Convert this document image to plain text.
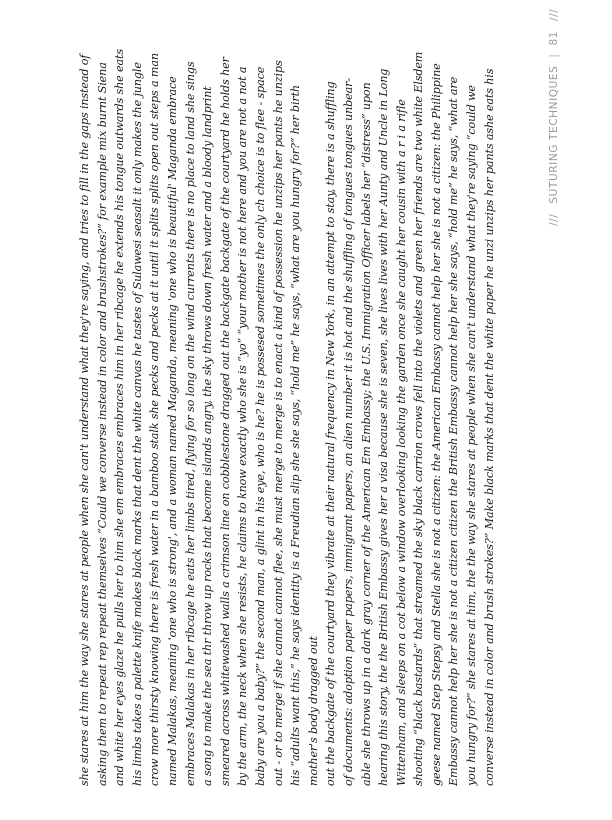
she stares at him the way she stares at people when she can't understand what they're saying, and tries to fill in the gaps instead of asking them to repeat rep repeat themselves “Could we converse instead in color and brushstrokes?” for example mix burnt Siena and white her eyes glaze he pulls her to him she em embraces embraces him in her ribcage he extends his tongue outwards she eats his limbs takes a palette knife makes black marks that dent the white canvas he tastes of Sulawesi seasalt it only makes the jungle crow more thirsty knowing there is fresh water in a bamboo stalk she pecks and pecks at it until it splits splits open out steps a man named Malakas, meaning 'one who is strong', and a woman named Maganda, meaning 'one who is beautiful' Maganda embrace embraces Malakas in her ribcage he eats her limbs tired, flying for so long on the wind currents there is no place to land she sings a song to make the sea thr throw up rocks that become islands angry, the sky throws down fresh water and a bloody landprint smeared across whitewashed walls a crimson line on cobblestone dragged out the backgate backgate of the courtyard he holds her by the arm, the neck when she resists, he claims to know exactly who she is “yo” “your mother is not here and you are not a not a baby are you a baby?” the second man, a glint in his eye, who is he? he is possesed sometimes the only ch choice is to flee - space out - or to merge if she cannot cannot flee, she must merge to merge is to enact a kind of possession he unzips her pants he unzips his “adults want this,” he says identity is a Freudian slip she she says, “hold me” he says, “what are you hungry for?” her birth mother's body dragged out out the backgate of the courtyard they vibrate at their natural frequency in New York, in an attempt to stay, there is a shuffling of documents: adoption paper papers, immigrant papers, an alien number it is hot and the shuffling of tongues tongues unbear- able she throws up in a dark gray corner of the American Em Embassy; the U.S. Immigration Officer labels her “distress” upon hearing this story, the the British Embassy gives her a visa because she is seven, she lives lives with her Aunty and Uncle in Long Wittenham, and sleeps on a cot below a window overlooking looking the garden once she caught her cousin with a r i a rifle shooting “black bastards” that streamed the sky black carrion crows fell into the violets and green her friends are two white Elsdem geese named Step Stepsy and Stella she is not a citizen: the American Embassy cannot help her she is not a citizen: the Philippine Embassy cannot help her she is not a citizen citizen the British Embassy cannot help her she says, “hold me” he says, “what are you hungry for?” she stares at him, the the way she stares at people when she can't understand what they're saying “could we converse instead in color and brush strokes?” Make black marks that dent the white paper he unzi unzips her pants ashe eats his	/// SUTURING TECHNIQUES | 81 ///
